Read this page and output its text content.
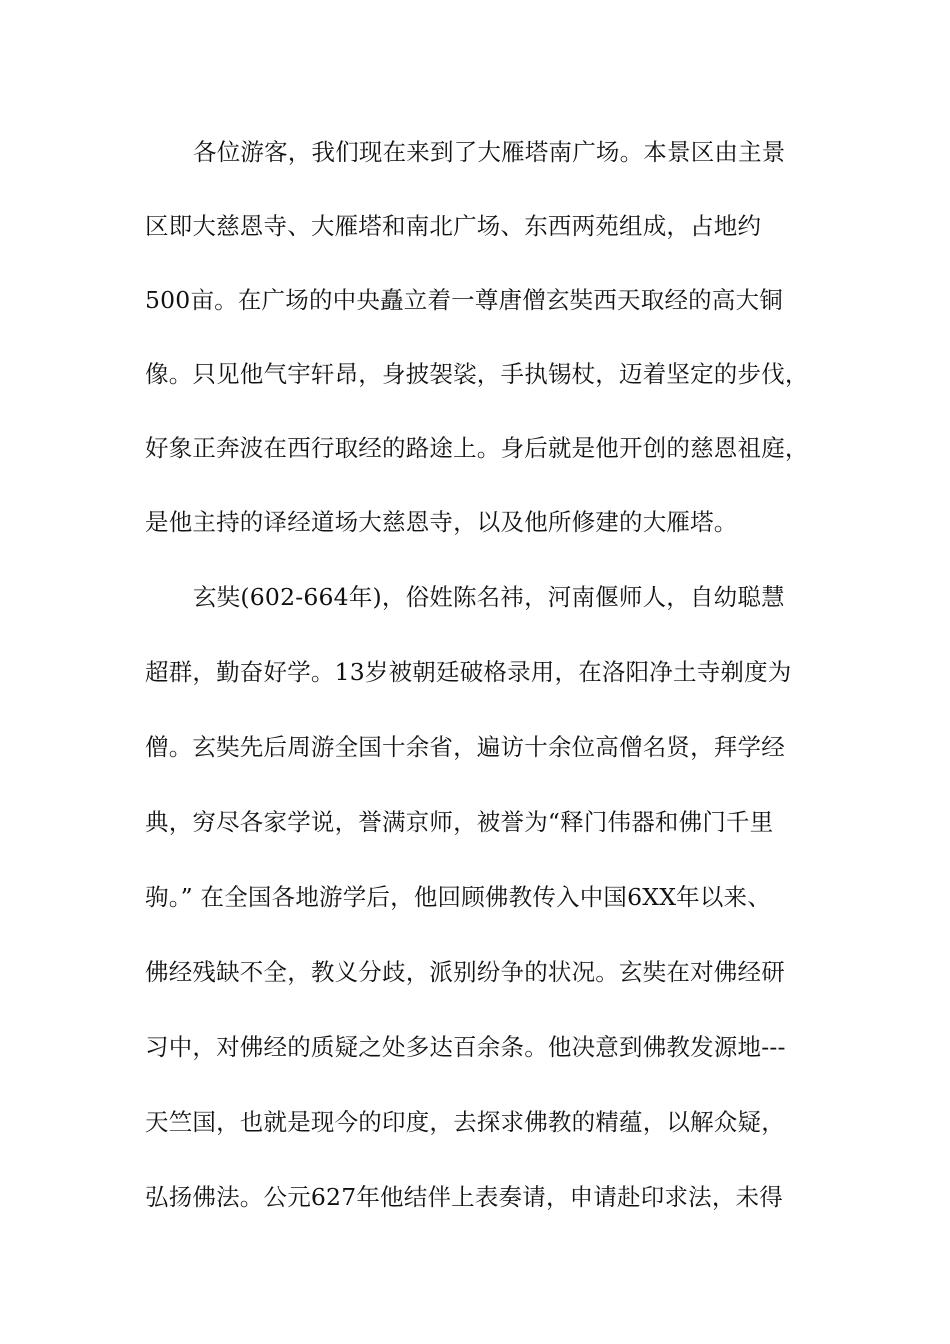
各位游客，我们现在来到了大雁塔南广场。本景区由主景
区即大慈恩寺、大雁塔和南北广场、东西两苑组成，占地约
500亩。在广场的中央矗立着一尊唐僧玄奘西天取经的高大铜
像。只见他气宇轩昂，身披袈裟，手执锡杖，迈着坚定的步伐，
好象正奔波在西行取经的路途上。身后就是他开创的慈恩祖庭，
是他主持的译经道场大慈恩寺，以及他所修建的大雁塔。
玄奘(602-664年)，俗姓陈名祎，河南偃师人，自幼聪慧
超群，勤奋好学。13岁被朝廷破格录用，在洛阳净土寺剃度为
僧。玄奘先后周游全国十余省，遍访十余位高僧名贤，拜学经
典，穷尽各家学说，誉满京师，被誉为“释门伟器和佛门千里
驹。” 在全国各地游学后，他回顾佛教传入中国6XX年以来、
佛经残缺不全，教义分歧，派别纷争的状况。玄奘在对佛经研
习中，对佛经的质疑之处多达百余条。他决意到佛教发源地---
天竺国，也就是现今的印度，去探求佛教的精蕴，以解众疑，
弘扬佛法。公元627年他结伴上表奏请，申请赴印求法，未得
